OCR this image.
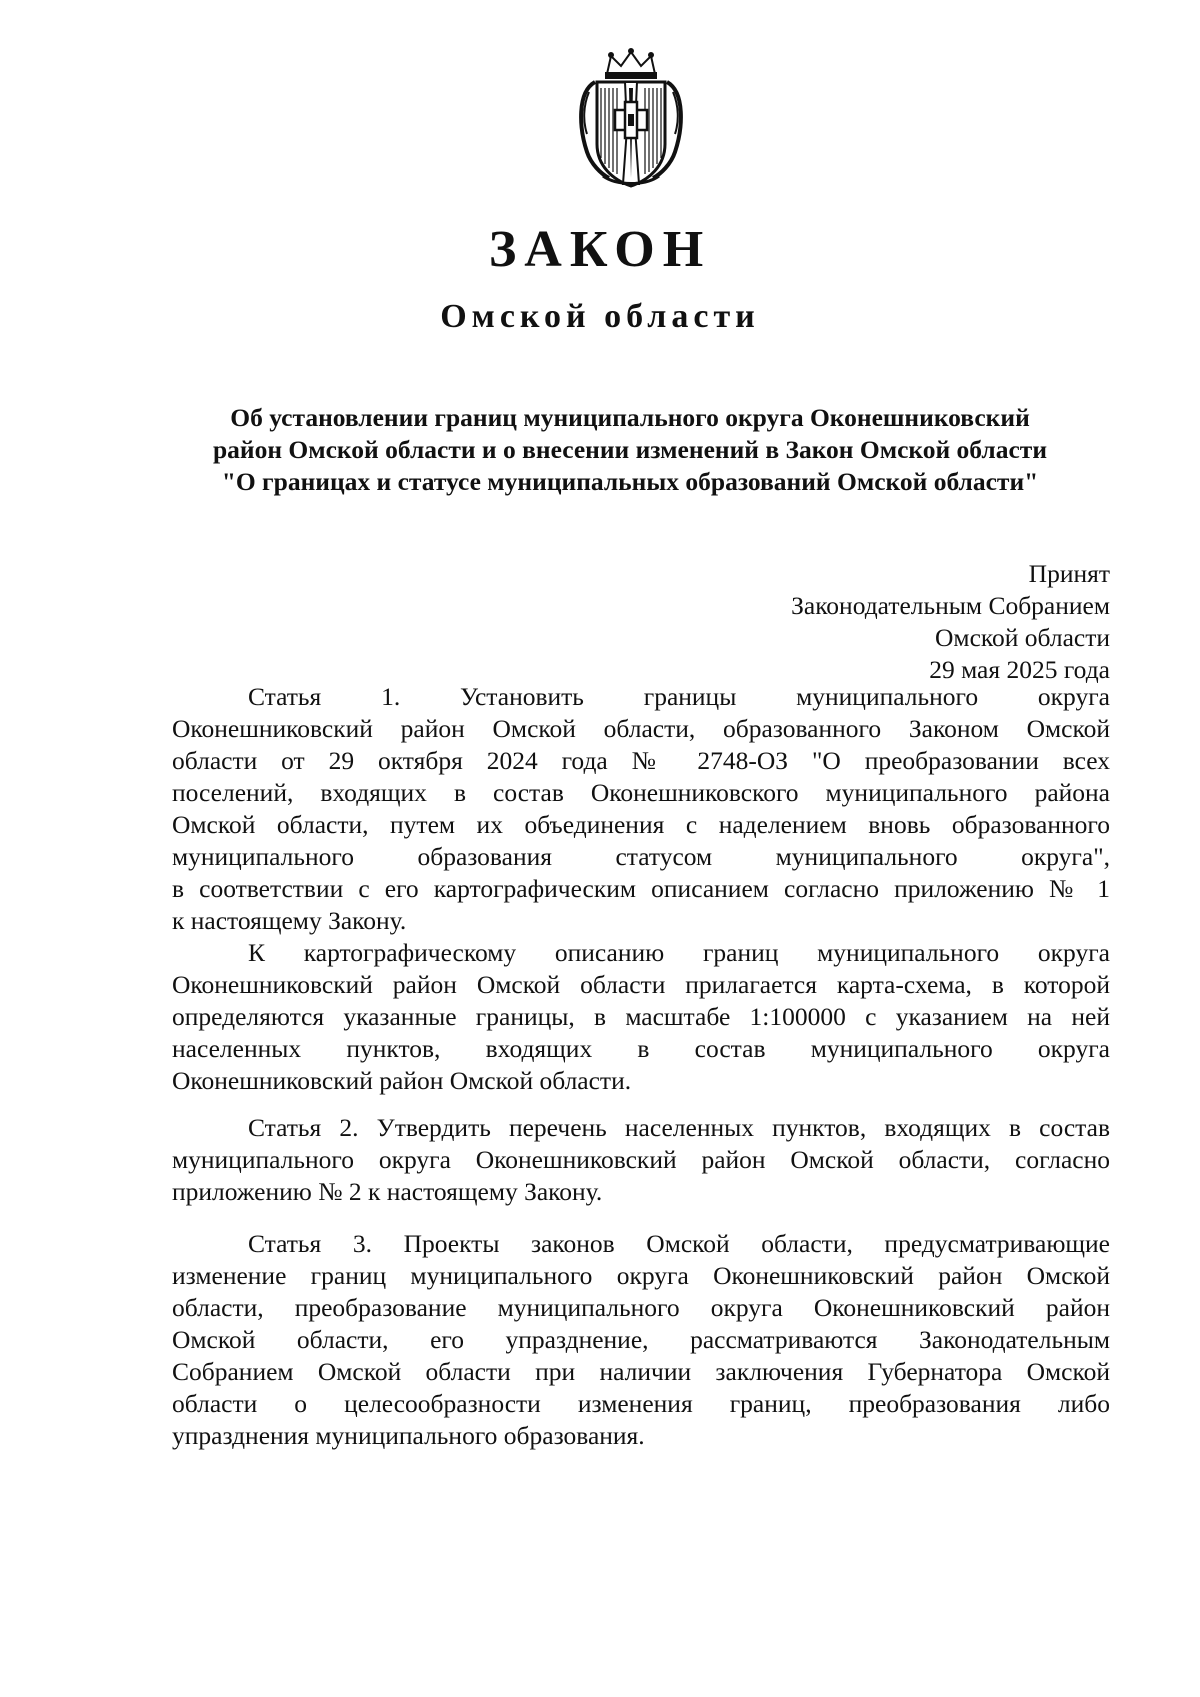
ЗАКОН
Омской области
Об установлении границ муниципального округа Оконешниковский
район Омской области и о внесении изменений в Закон Омской области
"О границах и статусе муниципальных образований Омской области"
Принят
Законодательным Собранием
Омской области
29 мая 2025 года
Статья 1. Установить границы муниципального округа
Оконешниковский район Омской области, образованного Законом Омской
области от 29 октября 2024 года № 2748-ОЗ "О преобразовании всех
поселений, входящих в состав Оконешниковского муниципального района
Омской области, путем их объединения с наделением вновь образованного
муниципального образования статусом муниципального округа",
в соответствии с его картографическим описанием согласно приложению № 1
к настоящему Закону.
К картографическому описанию границ муниципального округа
Оконешниковский район Омской области прилагается карта-схема, в которой
определяются указанные границы, в масштабе 1:100000 с указанием на ней
населенных пунктов, входящих в состав муниципального округа
Оконешниковский район Омской области.
Статья 2. Утвердить перечень населенных пунктов, входящих в состав
муниципального округа Оконешниковский район Омской области, согласно
приложению № 2 к настоящему Закону.
Статья 3. Проекты законов Омской области, предусматривающие
изменение границ муниципального округа Оконешниковский район Омской
области, преобразование муниципального округа Оконешниковский район
Омской области, его упразднение, рассматриваются Законодательным
Собранием Омской области при наличии заключения Губернатора Омской
области о целесообразности изменения границ, преобразования либо
упразднения муниципального образования.
